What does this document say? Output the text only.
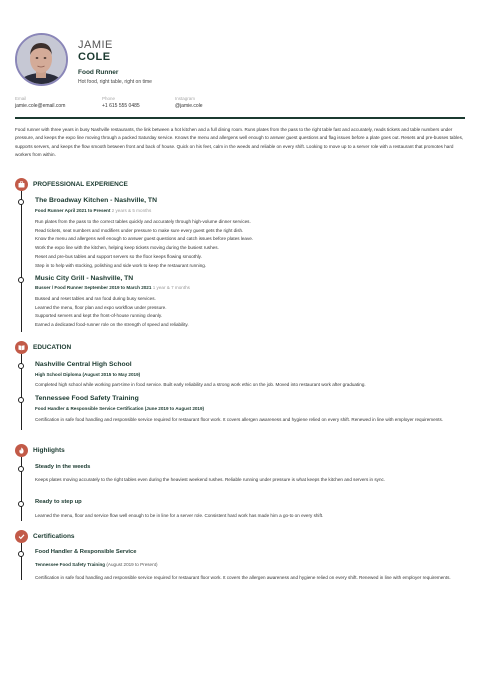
JAMIE
COLE
Food Runner
Hot food, right table, right on time
Email
jamie.cole@email.com
Phone
+1 615 555 0485
Instagram
@jamie.cole
Food runner with three years in busy Nashville restaurants, the link between a hot kitchen and a full dining room. Runs plates from the pass to the right table fast and accurately, reads tickets and table numbers under pressure, and keeps the expo line moving through a packed Saturday service. Knows the menu and allergens well enough to answer guest questions and flag issues before a plate goes out. Resets and pre-busses tables, supports servers, and keeps the flow smooth between front and back of house. Quick on his feet, calm in the weeds and reliable on every shift. Looking to move up to a server role with a restaurant that promotes hard workers from within.
PROFESSIONAL EXPERIENCE
The Broadway Kitchen - Nashville, TN
Food Runner April 2021 to Present 2 years & 5 months
Run plates from the pass to the correct tables quickly and accurately through high-volume dinner services.
Read tickets, seat numbers and modifiers under pressure to make sure every guest gets the right dish.
Know the menu and allergens well enough to answer guest questions and catch issues before plates leave.
Work the expo line with the kitchen, helping keep tickets moving during the busiest rushes.
Reset and pre-bus tables and support servers so the floor keeps flowing smoothly.
Step in to help with stocking, polishing and side work to keep the restaurant running.
Music City Grill - Nashville, TN
Busser / Food Runner September 2019 to March 2021 1 year & 7 months
Bussed and reset tables and ran food during busy services.
Learned the menu, floor plan and expo workflow under pressure.
Supported servers and kept the front-of-house running cleanly.
Earned a dedicated food-runner role on the strength of speed and reliability.
EDUCATION
Nashville Central High School
High School Diploma (August 2015 to May 2019)
Completed high school while working part-time in food service. Built early reliability and a strong work ethic on the job. Moved into restaurant work after graduating.
Tennessee Food Safety Training
Food Handler & Responsible Service Certification (June 2019 to August 2019)
Certification in safe food handling and responsible service required for restaurant floor work. It covers allergen awareness and hygiene relied on every shift. Renewed in line with employer requirements.
Highlights
Steady in the weeds
Keeps plates moving accurately to the right tables even during the heaviest weekend rushes. Reliable running under pressure is what keeps the kitchen and servers in sync.
Ready to step up
Learned the menu, floor and service flow well enough to be in line for a server role. Consistent hard work has made him a go-to on every shift.
Certifications
Food Handler & Responsible Service
Tennessee Food Safety Training (August 2019 to Present)
Certification in safe food handling and responsible service required for restaurant floor work. It covers the allergen awareness and hygiene relied on every shift. Renewed in line with employer requirements.
